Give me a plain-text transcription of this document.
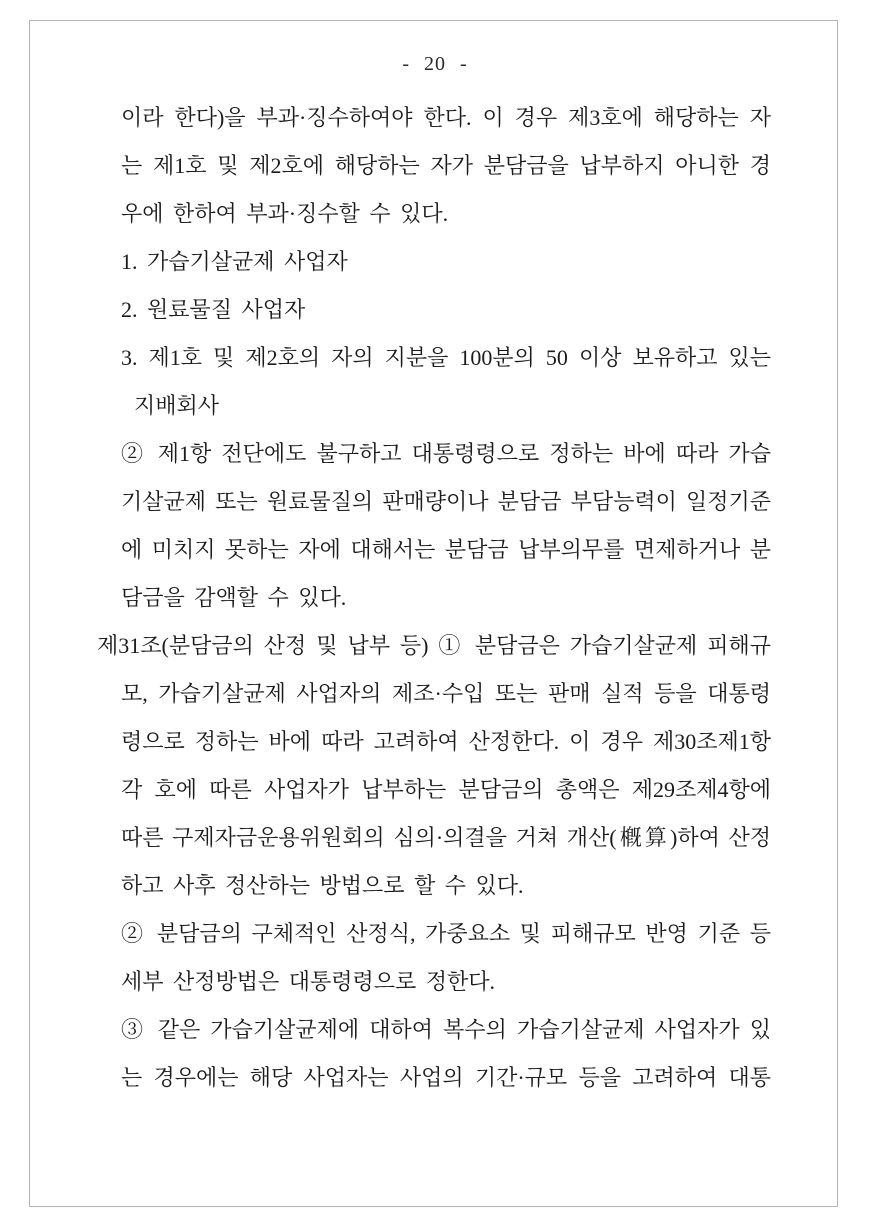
- 20 -
이라 한다)을 부과·징수하여야 한다. 이 경우 제3호에 해당하는 자
는 제1호 및 제2호에 해당하는 자가 분담금을 납부하지 아니한 경
우에 한하여 부과·징수할 수 있다.
1. 가습기살균제 사업자
2. 원료물질 사업자
3. 제1호 및 제2호의 자의 지분을 100분의 50 이상 보유하고 있는
지배회사
② 제1항 전단에도 불구하고 대통령령으로 정하는 바에 따라 가습
기살균제 또는 원료물질의 판매량이나 분담금 부담능력이 일정기준
에 미치지 못하는 자에 대해서는 분담금 납부의무를 면제하거나 분
담금을 감액할 수 있다.
제31조(분담금의 산정 및 납부 등) ① 분담금은 가습기살균제 피해규
모, 가습기살균제 사업자의 제조·수입 또는 판매 실적 등을 대통령
령으로 정하는 바에 따라 고려하여 산정한다. 이 경우 제30조제1항
각 호에 따른 사업자가 납부하는 분담금의 총액은 제29조제4항에
따른 구제자금운용위원회의 심의·의결을 거쳐 개산(槪算)하여 산정
하고 사후 정산하는 방법으로 할 수 있다.
② 분담금의 구체적인 산정식, 가중요소 및 피해규모 반영 기준 등
세부 산정방법은 대통령령으로 정한다.
③ 같은 가습기살균제에 대하여 복수의 가습기살균제 사업자가 있
는 경우에는 해당 사업자는 사업의 기간·규모 등을 고려하여 대통
